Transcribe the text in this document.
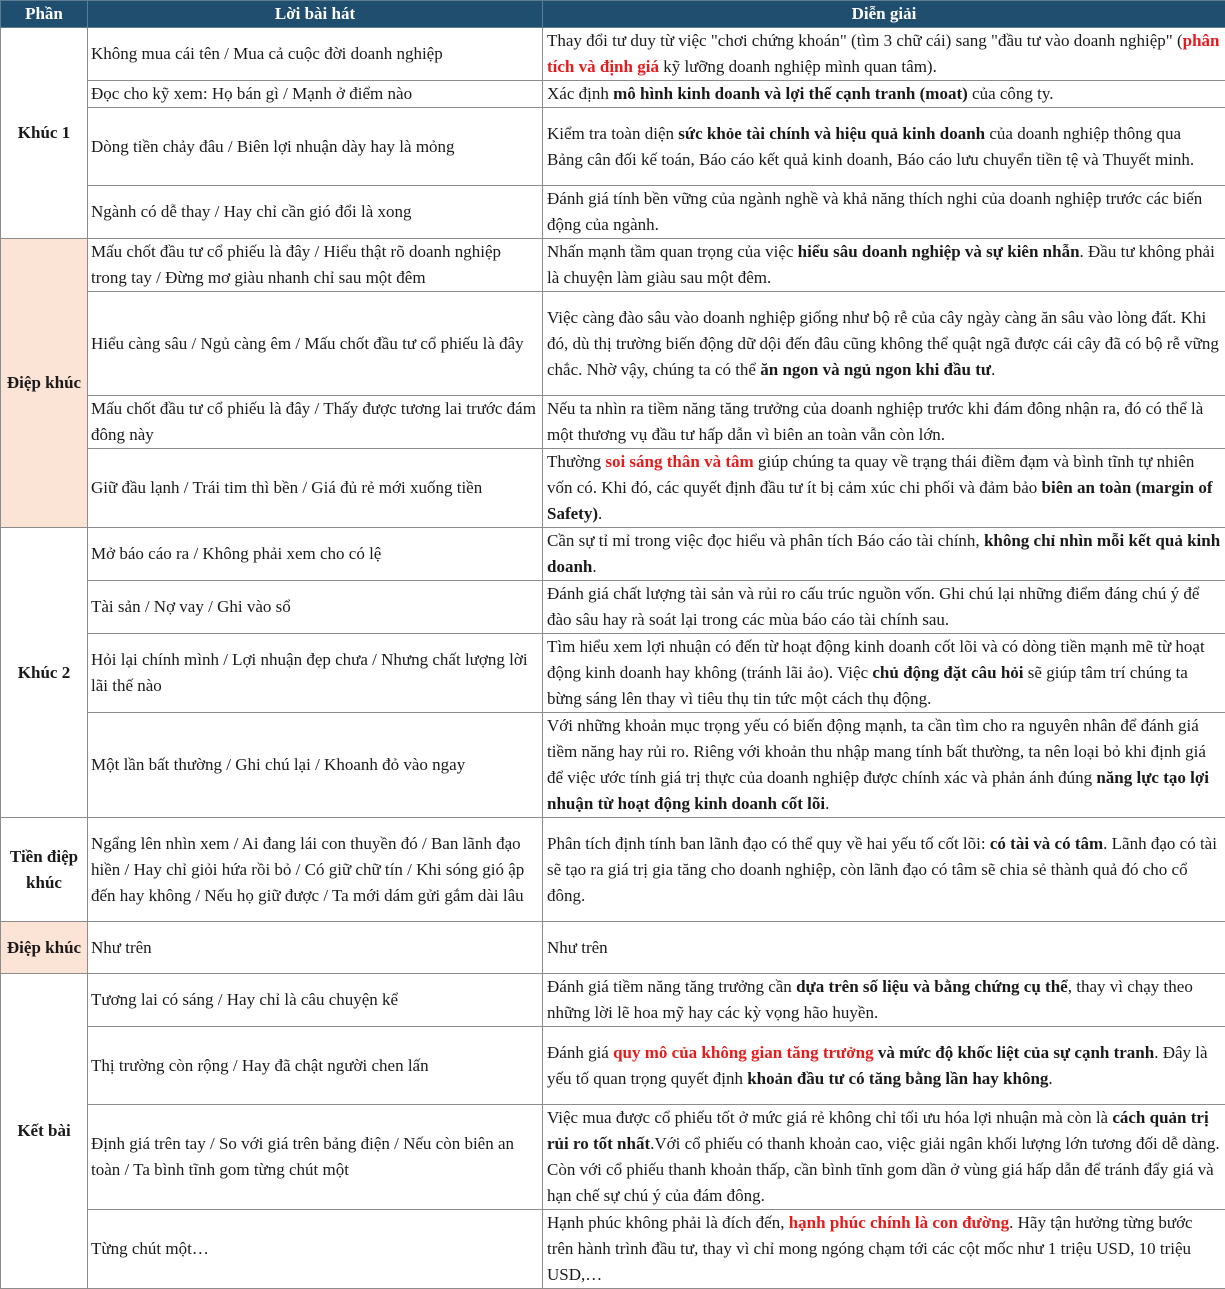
Phần	Lời bài hát	Diễn giải
Khúc 1	Không mua cái tên / Mua cả cuộc đời doanh nghiệp	Thay đổi tư duy từ việc "chơi chứng khoán" (tìm 3 chữ cái) sang "đầu tư vào doanh nghiệp" (phân tích và định giá kỹ lưỡng doanh nghiệp mình quan tâm).
	Đọc cho kỹ xem: Họ bán gì / Mạnh ở điểm nào	Xác định mô hình kinh doanh và lợi thế cạnh tranh (moat) của công ty.
	Dòng tiền chảy đâu / Biên lợi nhuận dày hay là mỏng	Kiểm tra toàn diện sức khỏe tài chính và hiệu quả kinh doanh của doanh nghiệp thông qua Bảng cân đối kế toán, Báo cáo kết quả kinh doanh, Báo cáo lưu chuyển tiền tệ và Thuyết minh.
	Ngành có dễ thay / Hay chỉ cần gió đổi là xong	Đánh giá tính bền vững của ngành nghề và khả năng thích nghi của doanh nghiệp trước các biến động của ngành.
Điệp khúc	Mấu chốt đầu tư cổ phiếu là đây / Hiểu thật rõ doanh nghiệp trong tay / Đừng mơ giàu nhanh chỉ sau một đêm	Nhấn mạnh tầm quan trọng của việc hiểu sâu doanh nghiệp và sự kiên nhẫn. Đầu tư không phải là chuyện làm giàu sau một đêm.
	Hiểu càng sâu / Ngủ càng êm / Mấu chốt đầu tư cổ phiếu là đây	Việc càng đào sâu vào doanh nghiệp giống như bộ rễ của cây ngày càng ăn sâu vào lòng đất. Khi đó, dù thị trường biến động dữ dội đến đâu cũng không thể quật ngã được cái cây đã có bộ rễ vững chắc. Nhờ vậy, chúng ta có thể ăn ngon và ngủ ngon khi đầu tư.
	Mấu chốt đầu tư cổ phiếu là đây / Thấy được tương lai trước đám đông này	Nếu ta nhìn ra tiềm năng tăng trưởng của doanh nghiệp trước khi đám đông nhận ra, đó có thể là một thương vụ đầu tư hấp dẫn vì biên an toàn vẫn còn lớn.
	Giữ đầu lạnh / Trái tim thì bền / Giá đủ rẻ mới xuống tiền	Thường soi sáng thân và tâm giúp chúng ta quay về trạng thái điềm đạm và bình tĩnh tự nhiên vốn có. Khi đó, các quyết định đầu tư ít bị cảm xúc chi phối và đảm bảo biên an toàn (margin of Safety).
Khúc 2	Mở báo cáo ra / Không phải xem cho có lệ	Cần sự tỉ mỉ trong việc đọc hiểu và phân tích Báo cáo tài chính, không chỉ nhìn mỗi kết quả kinh doanh.
	Tài sản / Nợ vay / Ghi vào sổ	Đánh giá chất lượng tài sản và rủi ro cấu trúc nguồn vốn. Ghi chú lại những điểm đáng chú ý để đào sâu hay rà soát lại trong các mùa báo cáo tài chính sau.
	Hỏi lại chính mình / Lợi nhuận đẹp chưa / Nhưng chất lượng lời lãi thế nào	Tìm hiểu xem lợi nhuận có đến từ hoạt động kinh doanh cốt lõi và có dòng tiền mạnh mẽ từ hoạt động kinh doanh hay không (tránh lãi ảo). Việc chủ động đặt câu hỏi sẽ giúp tâm trí chúng ta bừng sáng lên thay vì tiêu thụ tin tức một cách thụ động.
	Một lần bất thường / Ghi chú lại / Khoanh đỏ vào ngay	Với những khoản mục trọng yếu có biến động mạnh, ta cần tìm cho ra nguyên nhân để đánh giá tiềm năng hay rủi ro. Riêng với khoản thu nhập mang tính bất thường, ta nên loại bỏ khi định giá để việc ước tính giá trị thực của doanh nghiệp được chính xác và phản ánh đúng năng lực tạo lợi nhuận từ hoạt động kinh doanh cốt lõi.
Tiền điệp khúc	Ngẩng lên nhìn xem / Ai đang lái con thuyền đó / Ban lãnh đạo hiền / Hay chỉ giỏi hứa rồi bỏ / Có giữ chữ tín / Khi sóng gió ập đến hay không / Nếu họ giữ được / Ta mới dám gửi gắm dài lâu	Phân tích định tính ban lãnh đạo có thể quy về hai yếu tố cốt lõi: có tài và có tâm. Lãnh đạo có tài sẽ tạo ra giá trị gia tăng cho doanh nghiệp, còn lãnh đạo có tâm sẽ chia sẻ thành quả đó cho cổ đông.
Điệp khúc	Như trên	Như trên
Kết bài	Tương lai có sáng / Hay chỉ là câu chuyện kể	Đánh giá tiềm năng tăng trưởng cần dựa trên số liệu và bằng chứng cụ thể, thay vì chạy theo những lời lẽ hoa mỹ hay các kỳ vọng hão huyền.
	Thị trường còn rộng / Hay đã chật người chen lấn	Đánh giá quy mô của không gian tăng trưởng và mức độ khốc liệt của sự cạnh tranh. Đây là yếu tố quan trọng quyết định khoản đầu tư có tăng bằng lần hay không.
	Định giá trên tay / So với giá trên bảng điện / Nếu còn biên an toàn / Ta bình tĩnh gom từng chút một	Việc mua được cổ phiếu tốt ở mức giá rẻ không chỉ tối ưu hóa lợi nhuận mà còn là cách quản trị rủi ro tốt nhất.Với cổ phiếu có thanh khoản cao, việc giải ngân khối lượng lớn tương đối dễ dàng. Còn với cổ phiếu thanh khoản thấp, cần bình tĩnh gom dần ở vùng giá hấp dẫn để tránh đẩy giá và hạn chế sự chú ý của đám đông.
	Từng chút một…	Hạnh phúc không phải là đích đến, hạnh phúc chính là con đường. Hãy tận hưởng từng bước trên hành trình đầu tư, thay vì chỉ mong ngóng chạm tới các cột mốc như 1 triệu USD, 10 triệu USD,…
